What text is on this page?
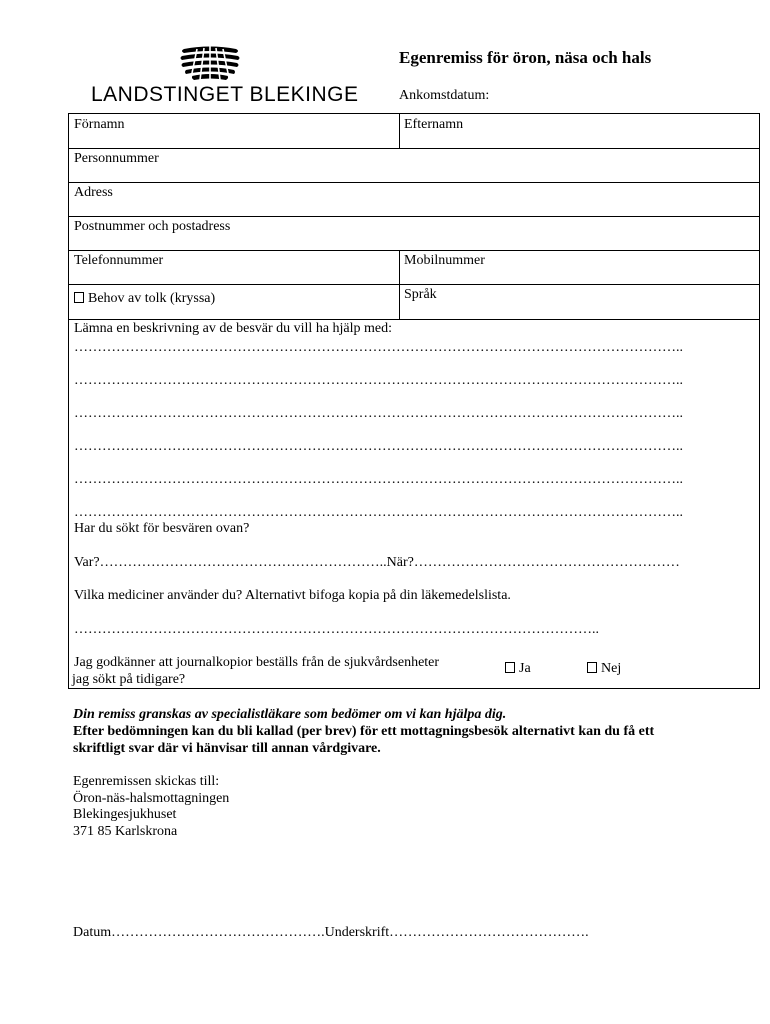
LANDSTINGET BLEKINGE
Egenremiss för öron, näsa och hals
Ankomstdatum:
Förnamn	Efternamn
Personnummer
Adress
Postnummer och postadress
Telefonnummer	Mobilnummer
Behov av tolk (kryssa)	Språk
Lämna en beskrivning av de besvär du vill ha hjälp med:
…………………………………………………………………………………………………………………..
…………………………………………………………………………………………………………………..
…………………………………………………………………………………………………………………..
…………………………………………………………………………………………………………………..
…………………………………………………………………………………………………………………..
…………………………………………………………………………………………………………………..
Har du sökt för besvären ovan?
Var?……………………………………………………..När?…………………………………………………
Vilka mediciner använder du? Alternativt bifoga kopia på din läkemedelslista.
…………………………………………………………………………………………………..
Jag godkänner att journalkopior beställs från de sjukvårdsenheter
jag sökt på tidigare?
Ja	Nej
Din remiss granskas av specialistläkare som bedömer om vi kan hjälpa dig.
Efter bedömningen kan du bli kallad (per brev) för ett mottagningsbesök alternativt kan du få ett
skriftligt svar där vi hänvisar till annan vårdgivare.
Egenremissen skickas till:
Öron-näs-halsmottagningen
Blekingesjukhuset
371 85 Karlskrona
Datum……………………………………….Underskrift…………………………………….
